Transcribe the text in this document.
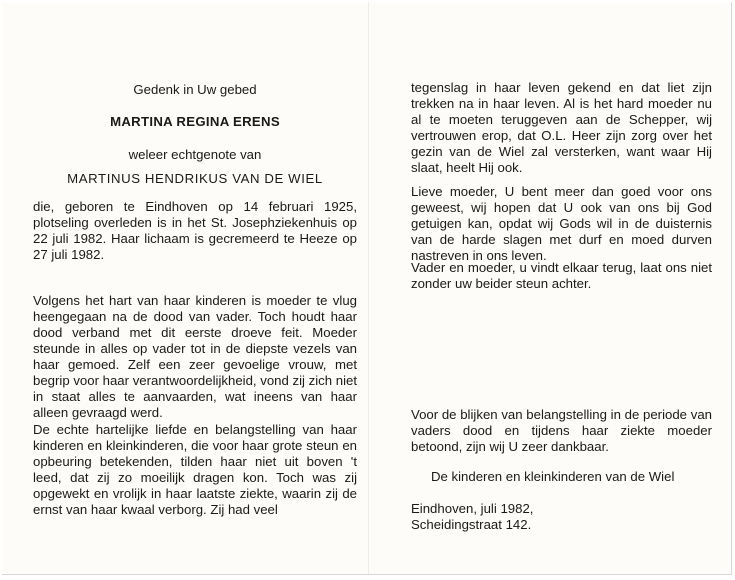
Gedenk in Uw gebed
MARTINA REGINA ERENS
weleer echtgenote van
MARTINUS HENDRIKUS VAN DE WIEL

die, geboren te Eindhoven op 14 februari 1925, plotseling overleden is in het St. Josephziekenhuis op 22 juli 1982. Haar lichaam is gecremeerd te Heeze op 27 juli 1982.

Volgens het hart van haar kinderen is moeder te vlug heengegaan na de dood van vader. Toch houdt haar dood verband met dit eerste droeve feit. Moeder steunde in alles op vader tot in de diepste vezels van haar gemoed. Zelf een zeer gevoelige vrouw, met begrip voor haar verantwoordelijkheid, vond zij zich niet in staat alles te aanvaarden, wat ineens van haar alleen gevraagd werd.

De echte hartelijke liefde en belangstelling van haar kinderen en kleinkinderen, die voor haar grote steun en opbeuring betekenden, tilden haar niet uit boven 't leed, dat zij zo moeilijk dragen kon. Toch was zij opgewekt en vrolijk in haar laatste ziekte, waarin zij de ernst van haar kwaal verborg. Zij had veel

tegenslag in haar leven gekend en dat liet zijn trekken na in haar leven. Al is het hard moeder nu al te moeten teruggeven aan de Schepper, wij vertrouwen erop, dat O.L. Heer zijn zorg over het gezin van de Wiel zal versterken, want waar Hij slaat, heelt Hij ook.

Lieve moeder, U bent meer dan goed voor ons geweest, wij hopen dat U ook van ons bij God getuigen kan, opdat wij Gods wil in de duisternis van de harde slagen met durf en moed durven nastreven in ons leven.

Vader en moeder, u vindt elkaar terug, laat ons niet zonder uw beider steun achter.

Voor de blijken van belangstelling in de periode van vaders dood en tijdens haar ziekte moeder betoond, zijn wij U zeer dankbaar.

De kinderen en kleinkinderen van de Wiel
Eindhoven, juli 1982,
Scheidingstraat 142.
